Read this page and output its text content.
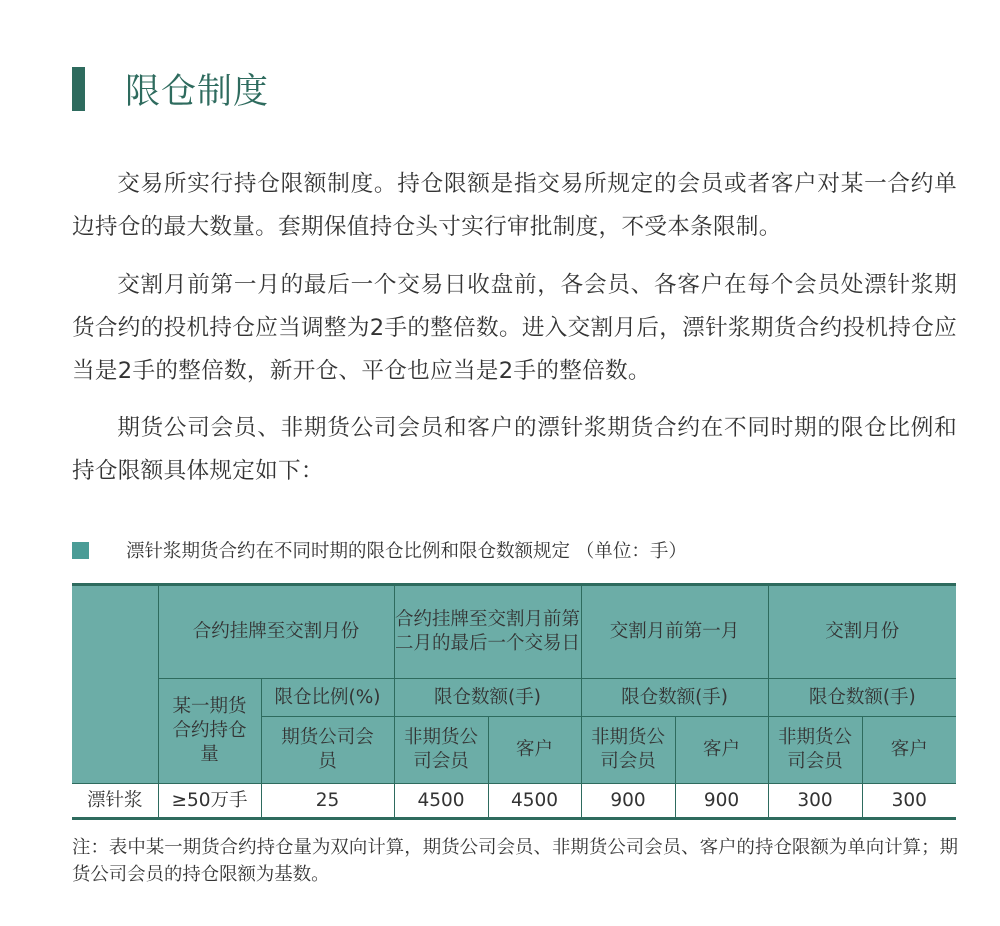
限仓制度

交易所实行持仓限额制度。持仓限额是指交易所规定的会员或者客户对某一合约单边持仓的最大数量。套期保值持仓头寸实行审批制度，不受本条限制。

交割月前第一月的最后一个交易日收盘前，各会员、各客户在每个会员处漂针浆期货合约的投机持仓应当调整为2手的整倍数。进入交割月后，漂针浆期货合约投机持仓应当是2手的整倍数，新开仓、平仓也应当是2手的整倍数。

期货公司会员、非期货公司会员和客户的漂针浆期货合约在不同时期的限仓比例和持仓限额具体规定如下：

漂针浆期货合约在不同时期的限仓比例和限仓数额规定 （单位：手）
	合约挂牌至交割月份		合约挂牌至交割月前第二月的最后一个交易日		交割月前第一月		交割月份	
	某一期货合约持仓量	限仓比例(%)	限仓数额(手)		限仓数额(手)		限仓数额(手)	
		期货公司会员	非期货公司会员	客户	非期货公司会员	客户	非期货公司会员	客户
漂针浆	≥50万手	25	4500	4500	900	900	300	300

注：表中某一期货合约持仓量为双向计算，期货公司会员、非期货公司会员、客户的持仓限额为单向计算；期货公司会员的持仓限额为基数。
